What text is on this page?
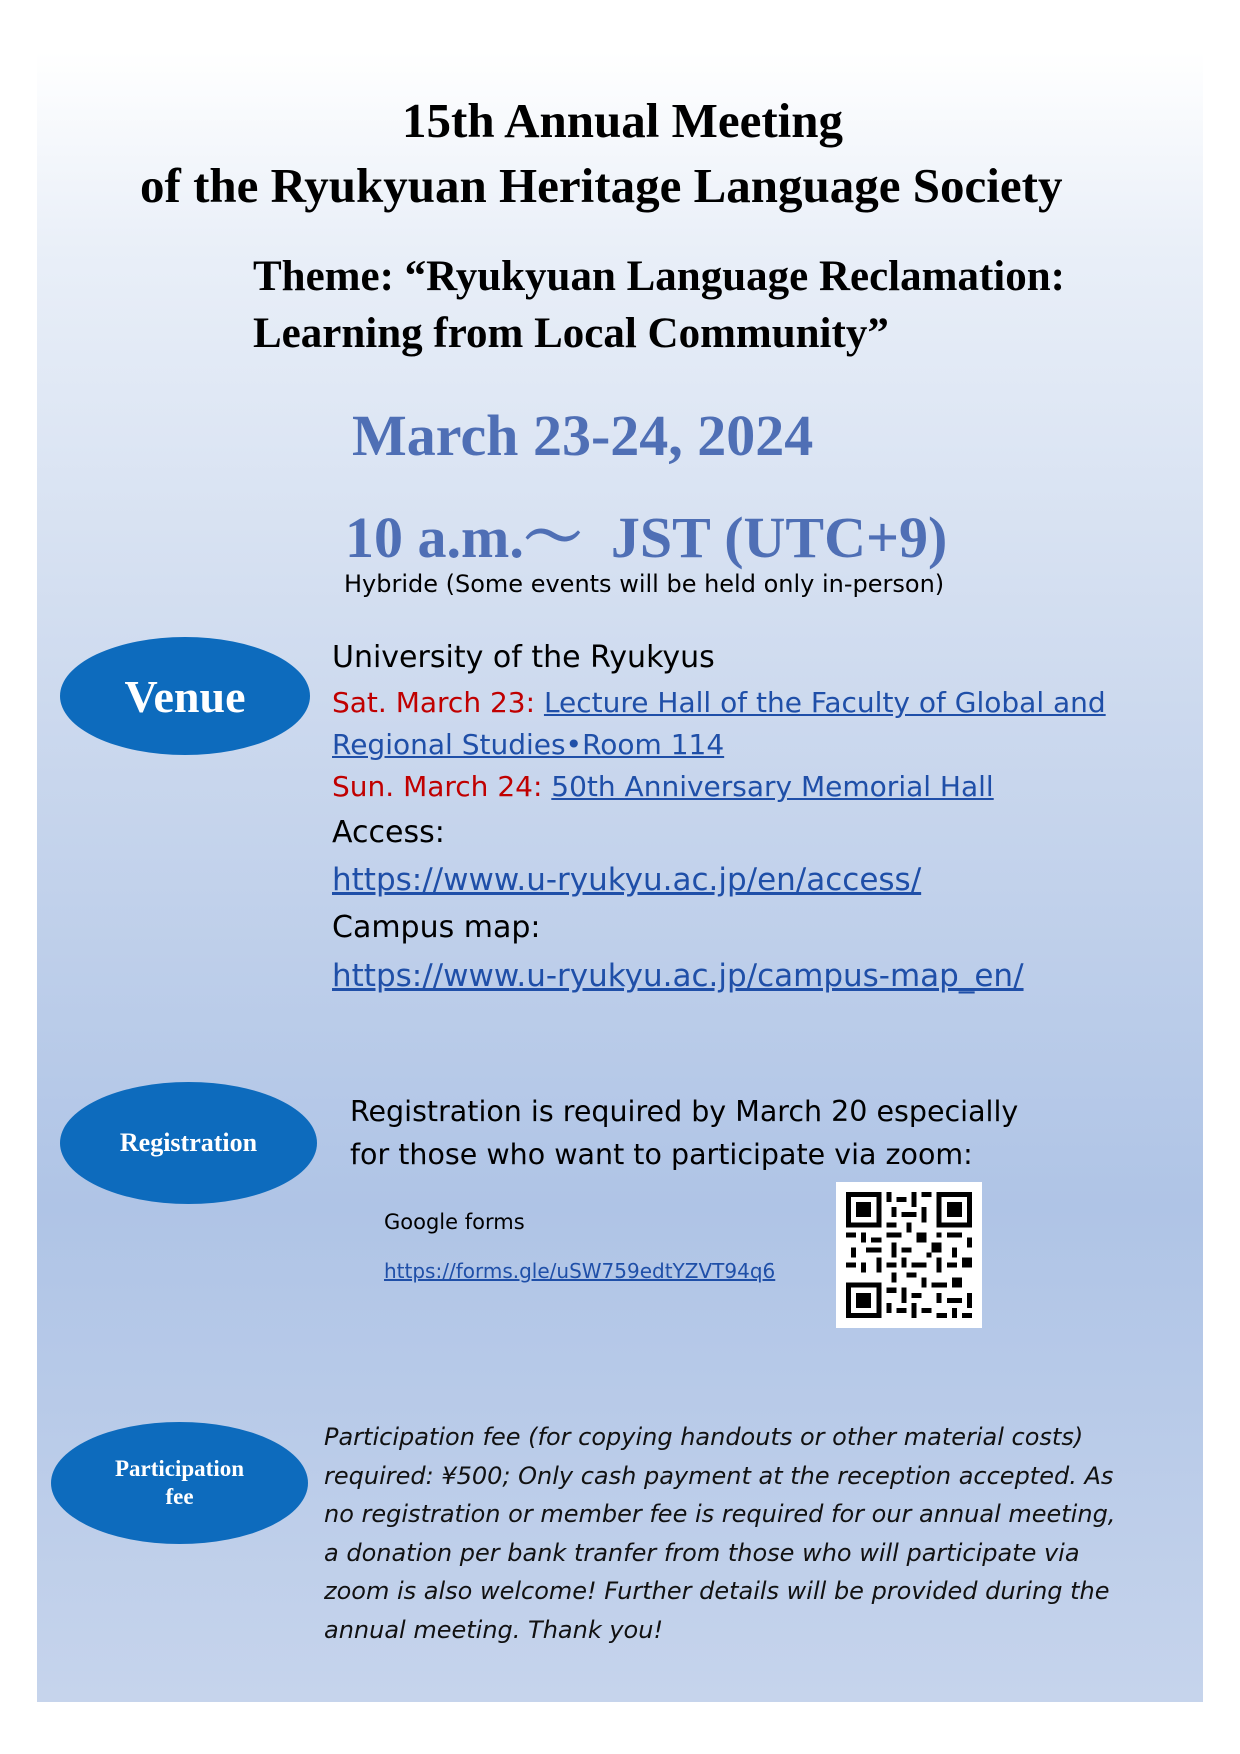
15th Annual Meeting
of the Ryukyuan Heritage Language Society
Theme: “Ryukyuan Language Reclamation:
Learning from Local Community”
March 23-24, 2024
10 a.m.～  JST (UTC+9)
Hybride (Some events will be held only in-person)
Venue
University of the Ryukyus
Sat. March 23: Lecture Hall of the Faculty of Global and
Regional Studies•Room 114
Sun. March 24: 50th Anniversary Memorial Hall
Access:
https://www.u-ryukyu.ac.jp/en/access/
Campus map:
https://www.u-ryukyu.ac.jp/campus-map_en/
Registration
Registration is required by March 20 especially
for those who want to participate via zoom:
Google forms
https://forms.gle/uSW759edtYZVT94q6
Participation
fee
Participation fee (for copying handouts or other material costs)
required: ¥500; Only cash payment at the reception accepted. As
no registration or member fee is required for our annual meeting,
a donation per bank tranfer from those who will participate via
zoom is also welcome! Further details will be provided during the
annual meeting. Thank you!
